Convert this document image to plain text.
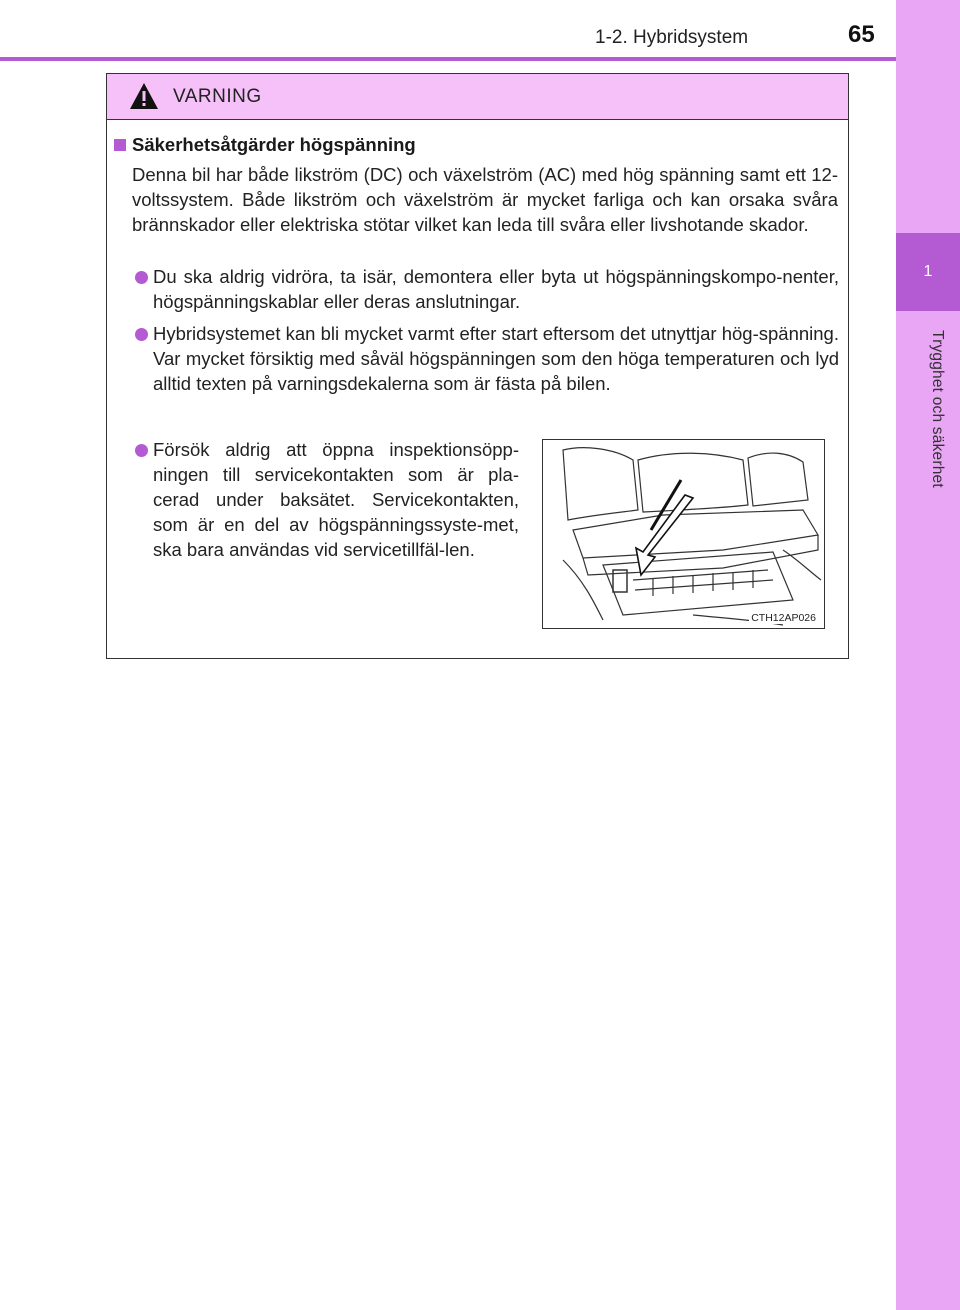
1
Trygghet och säkerhet
1-2. Hybridsystem	65
VARNING
Säkerhetsåtgärder högspänning
Denna bil har både likström (DC) och växelström (AC) med hög spänning samt ett 12-voltssystem. Både likström och växelström är mycket farliga och kan orsaka svåra brännskador eller elektriska stötar vilket kan leda till svåra eller livshotande skador.
Du ska aldrig vidröra, ta isär, demontera eller byta ut högspänningskompo-nenter, högspänningskablar eller deras anslutningar.
Hybridsystemet kan bli mycket varmt efter start eftersom det utnyttjar hög-spänning. Var mycket försiktig med såväl högspänningen som den höga temperaturen och lyd alltid texten på varningsdekalerna som är fästa på bilen.
Försök aldrig att öppna inspektionsöpp-ningen till servicekontakten som är pla-cerad under baksätet. Servicekontakten, som är en del av högspänningssyste-met, ska bara användas vid servicetillfäl-len.
CTH12AP026
